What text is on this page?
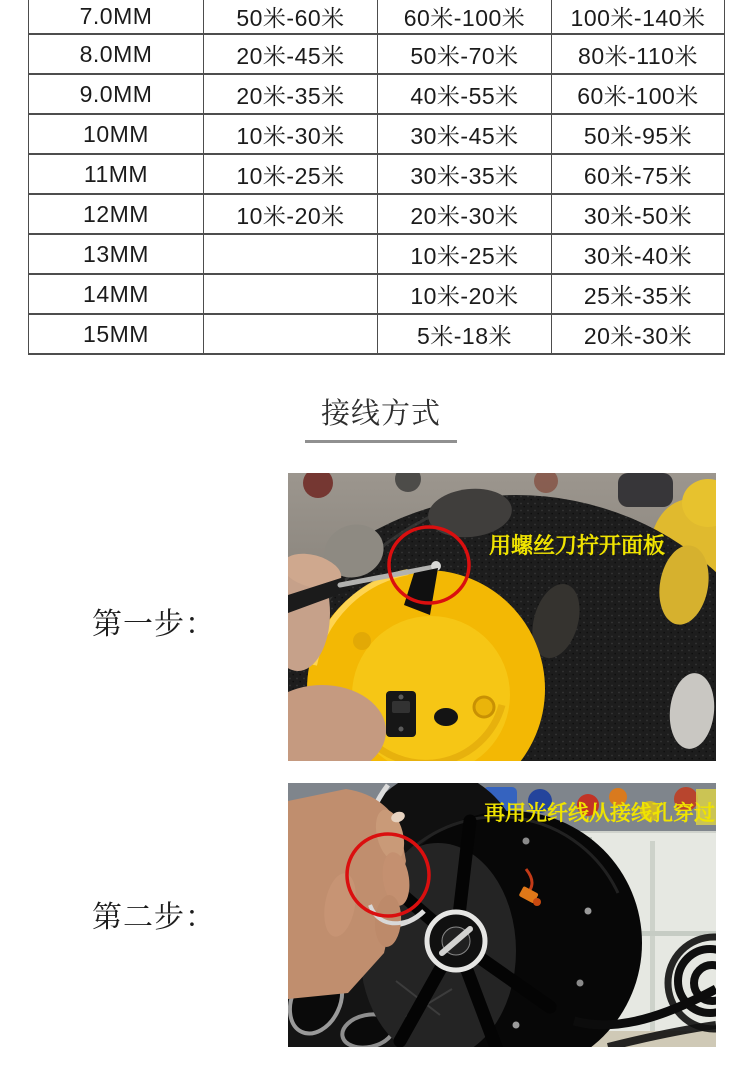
7.0MM	50米-60米	60米-100米	100米-140米
8.0MM	20米-45米	50米-70米	80米-110米
9.0MM	20米-35米	40米-55米	60米-100米
10MM	10米-30米	30米-45米	50米-95米
11MM	10米-25米	30米-35米	60米-75米
12MM	10米-20米	20米-30米	30米-50米
13MM		10米-25米	30米-40米
14MM		10米-20米	25米-35米
15MM		5米-18米	20米-30米
接线方式
第一步：
用螺丝刀拧开面板
第二步：
再用光纤线从接线孔穿过
